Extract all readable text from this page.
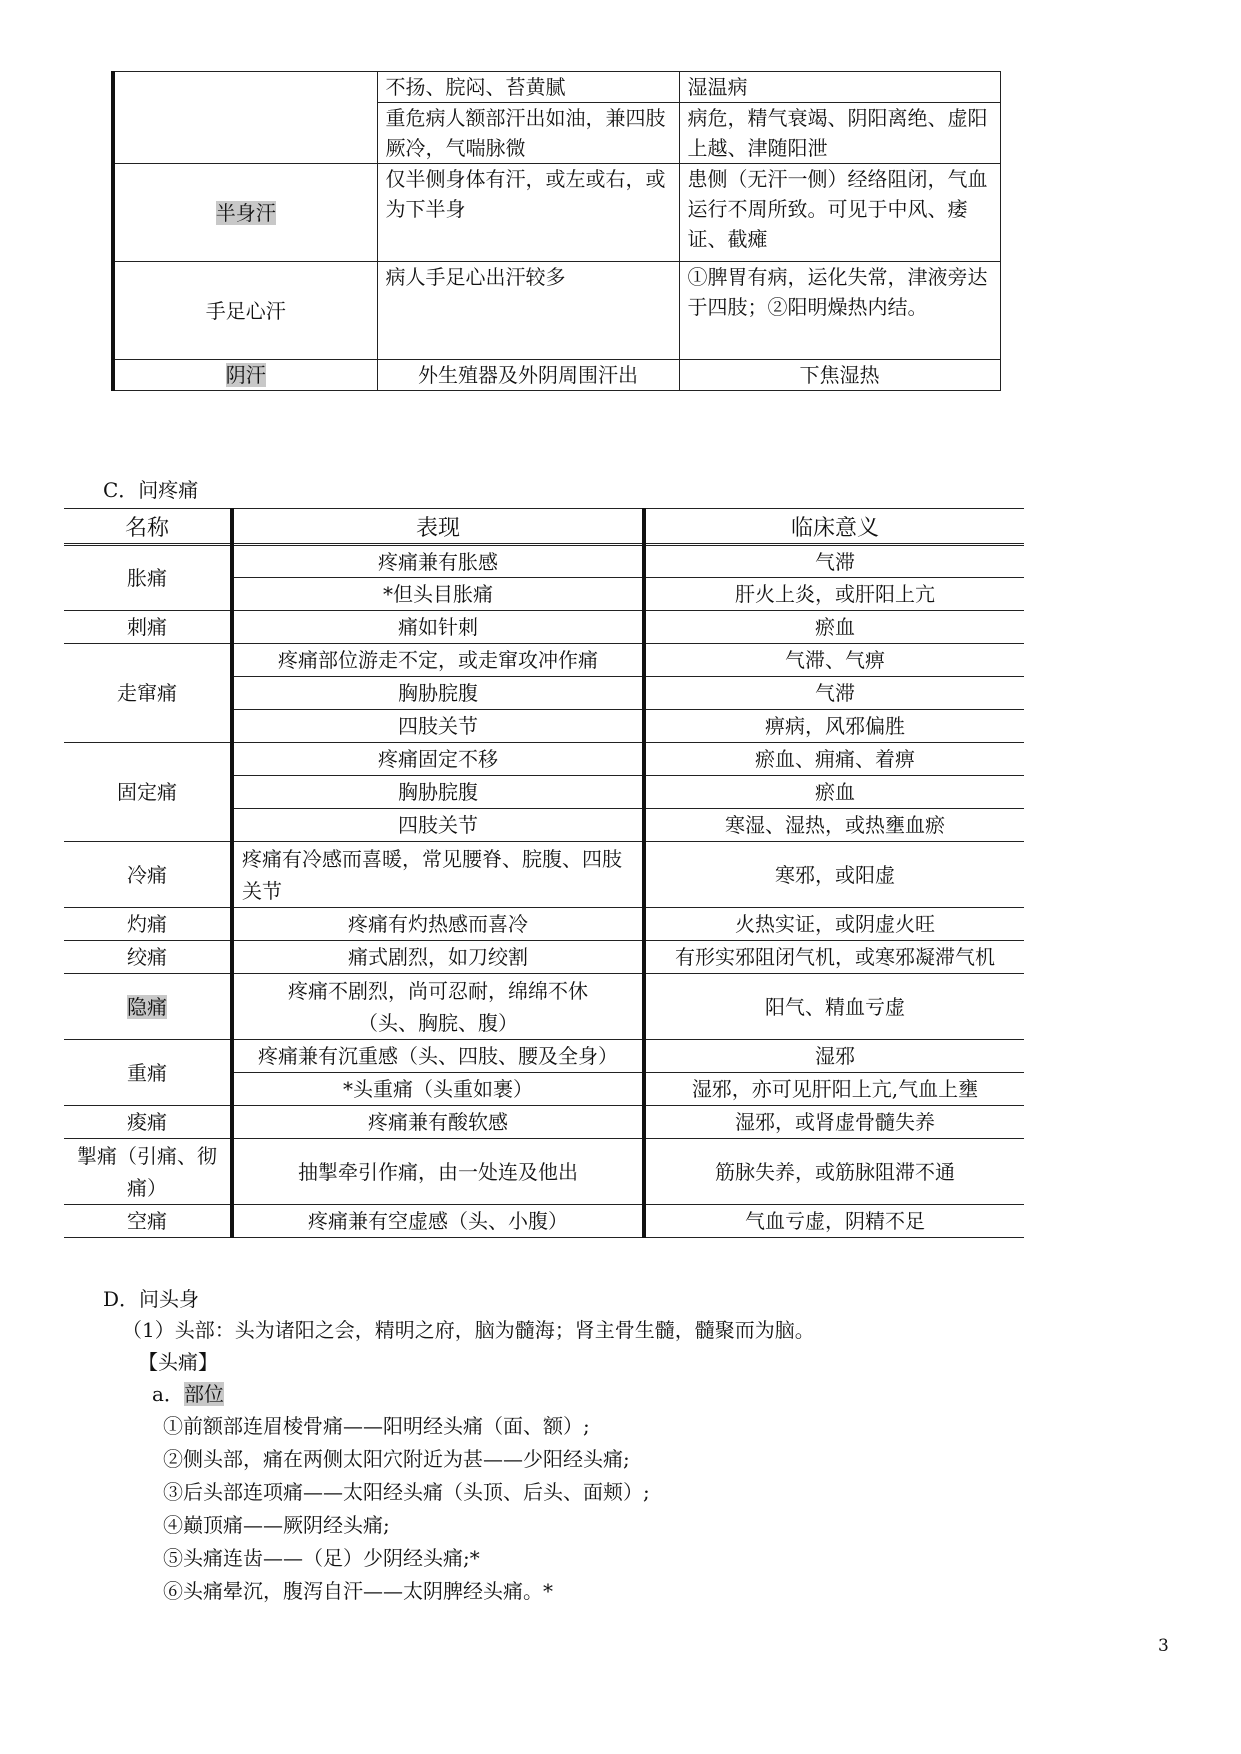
		不扬、脘闷、苔黄腻	湿温病
		重危病人额部汗出如油，兼四肢厥冷，气喘脉微	病危，精气衰竭、阴阳离绝、虚阳上越、津随阳泄
	半身汗	仅半侧身体有汗，或左或右，或为下半身	患侧（无汗一侧）经络阻闭，气血运行不周所致。可见于中风、痿证、截瘫
	手足心汗	病人手足心出汗较多	①脾胃有病，运化失常，津液旁达于四肢；②阳明燥热内结。
	阴汗	外生殖器及外阴周围汗出	下焦湿热
C．问疼痛
名称	表现	临床意义
胀痛	疼痛兼有胀感	气滞
	*但头目胀痛	肝火上炎，或肝阳上亢
刺痛	痛如针刺	瘀血
走窜痛	疼痛部位游走不定，或走窜攻冲作痛	气滞、气痹
	胸胁脘腹	气滞
	四肢关节	痹病，风邪偏胜
固定痛	疼痛固定不移	瘀血、痈痛、着痹
	胸胁脘腹	瘀血
	四肢关节	寒湿、湿热，或热壅血瘀
冷痛	疼痛有冷感而喜暖，常见腰脊、脘腹、四肢关节	寒邪，或阳虚
灼痛	疼痛有灼热感而喜冷	火热实证，或阴虚火旺
绞痛	痛式剧烈，如刀绞割	有形实邪阻闭气机，或寒邪凝滞气机
隐痛	疼痛不剧烈，尚可忍耐，绵绵不休（头、胸脘、腹）	阳气、精血亏虚
重痛	疼痛兼有沉重感（头、四肢、腰及全身）	湿邪
	*头重痛（头重如裹）	湿邪，亦可见肝阳上亢,气血上壅
痠痛	疼痛兼有酸软感	湿邪，或肾虚骨髓失养
掣痛（引痛、彻痛）	抽掣牵引作痛，由一处连及他出	筋脉失养，或筋脉阻滞不通
空痛	疼痛兼有空虚感（头、小腹）	气血亏虚，阴精不足
D．问头身
（1）头部：头为诸阳之会，精明之府，脑为髓海；肾主骨生髓，髓聚而为脑。
【头痛】
a．部位
①前额部连眉棱骨痛——阳明经头痛（面、额）;
②侧头部，痛在两侧太阳穴附近为甚——少阳经头痛;
③后头部连项痛——太阳经头痛（头顶、后头、面颊）;
④巅顶痛——厥阴经头痛;
⑤头痛连齿——（足）少阴经头痛;*
⑥头痛晕沉，腹泻自汗——太阴脾经头痛。*
3
